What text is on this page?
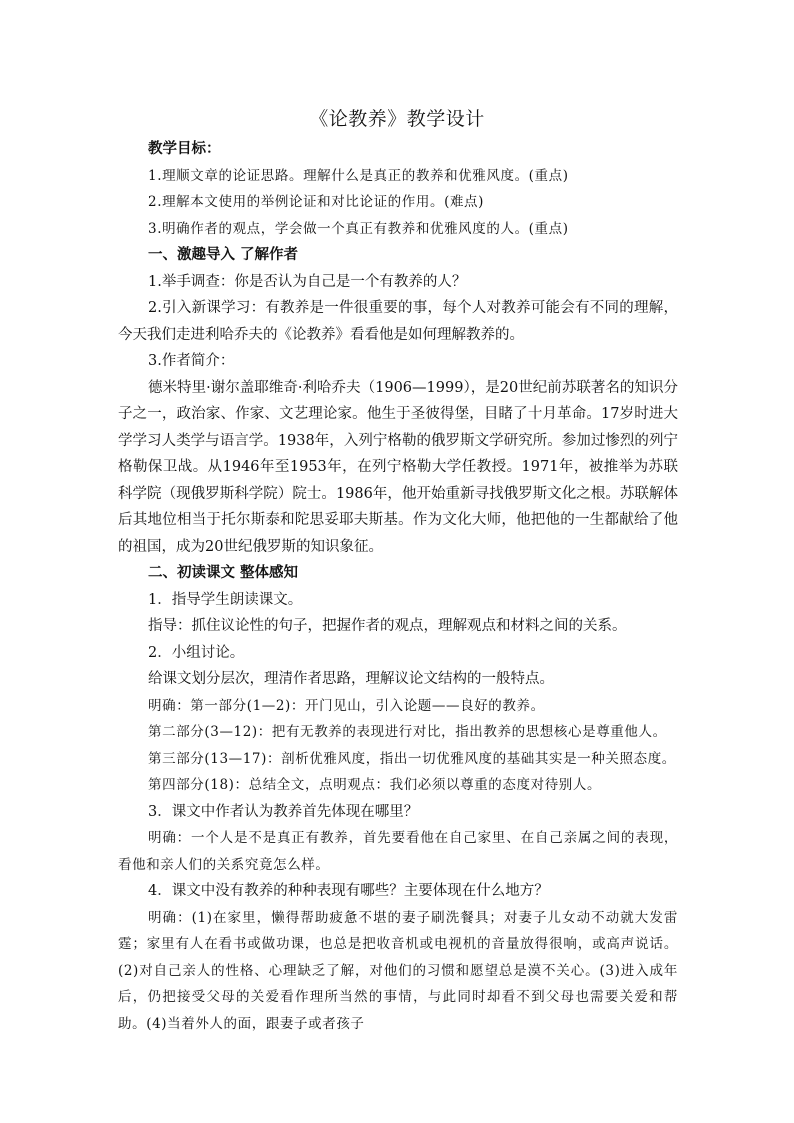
《论教养》教学设计

教学目标：

1.理顺文章的论证思路。理解什么是真正的教养和优雅风度。(重点)

2.理解本文使用的举例论证和对比论证的作用。(难点)

3.明确作者的观点，学会做一个真正有教养和优雅风度的人。(重点)

一、激趣导入 了解作者

1.举手调查：你是否认为自己是一个有教养的人？

2.引入新课学习：有教养是一件很重要的事，每个人对教养可能会有不同的理解，今天我们走进利哈乔夫的《论教养》看看他是如何理解教养的。

3.作者简介：

德米特里·谢尔盖耶维奇·利哈乔夫（1906—1999），是20世纪前苏联著名的知识分子之一，政治家、作家、文艺理论家。他生于圣彼得堡，目睹了十月革命。17岁时进大学学习人类学与语言学。1938年，入列宁格勒的俄罗斯文学研究所。参加过惨烈的列宁格勒保卫战。从1946年至1953年，在列宁格勒大学任教授。1971年，被推举为苏联科学院（现俄罗斯科学院）院士。1986年，他开始重新寻找俄罗斯文化之根。苏联解体后其地位相当于托尔斯泰和陀思妥耶夫斯基。作为文化大师，他把他的一生都献给了他的祖国，成为20世纪俄罗斯的知识象征。

二、初读课文 整体感知

1．指导学生朗读课文。

指导：抓住议论性的句子，把握作者的观点，理解观点和材料之间的关系。

2．小组讨论。

给课文划分层次，理清作者思路，理解议论文结构的一般特点。

明确：第一部分(1—2)：开门见山，引入论题——良好的教养。

第二部分(3—12)：把有无教养的表现进行对比，指出教养的思想核心是尊重他人。

第三部分(13—17)：剖析优雅风度，指出一切优雅风度的基础其实是一种关照态度。

第四部分(18)：总结全文，点明观点：我们必须以尊重的态度对待别人。

3．课文中作者认为教养首先体现在哪里？

明确：一个人是不是真正有教养，首先要看他在自己家里、在自己亲属之间的表现，看他和亲人们的关系究竟怎么样。

4．课文中没有教养的种种表现有哪些？主要体现在什么地方？

明确：(1)在家里，懒得帮助疲惫不堪的妻子刷洗餐具；对妻子儿女动不动就大发雷霆；家里有人在看书或做功课，也总是把收音机或电视机的音量放得很响，或高声说话。(2)对自己亲人的性格、心理缺乏了解，对他们的习惯和愿望总是漠不关心。(3)进入成年后，仍把接受父母的关爱看作理所当然的事情，与此同时却看不到父母也需要关爱和帮助。(4)当着外人的面，跟妻子或者孩子
